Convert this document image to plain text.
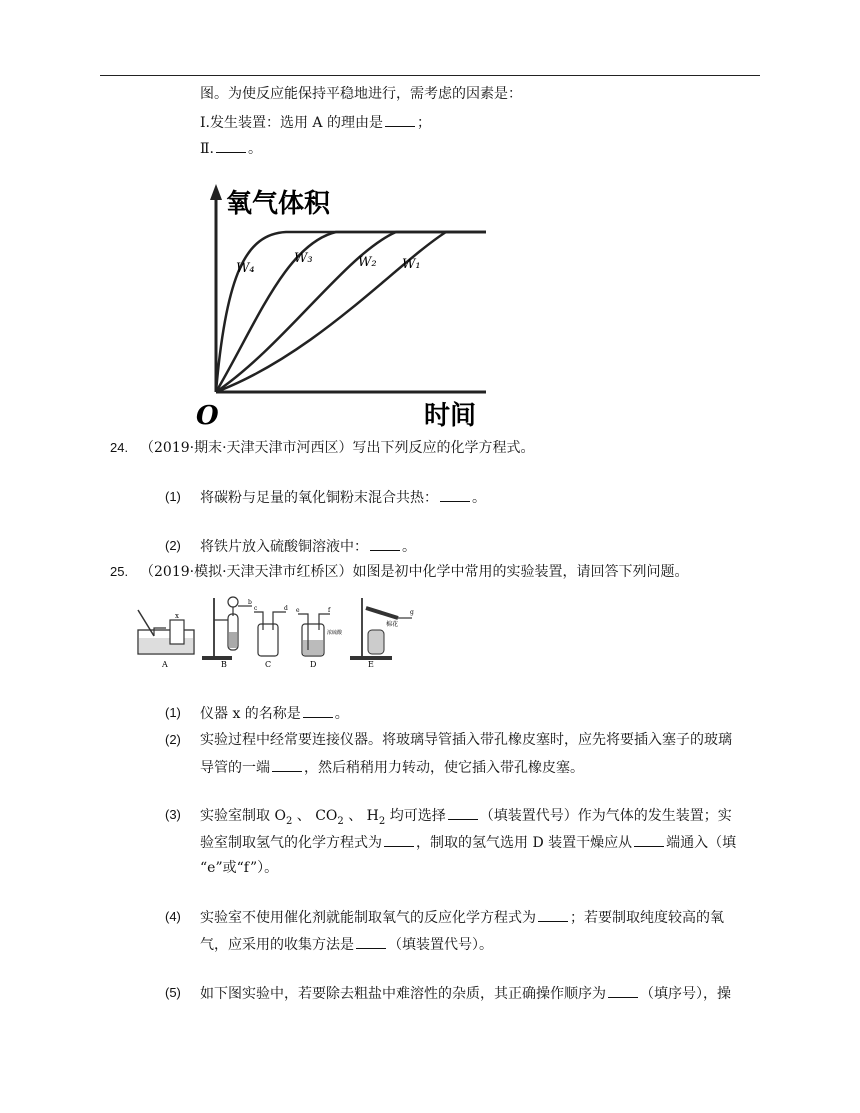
图。为使反应能保持平稳地进行，需考虑的因素是：
Ⅰ.发生装置：选用 A 的理由是 ；
Ⅱ. 。
氧气体积
时间
O
W₄
W₃	W₂ W₁
24. （2019·期末·天津天津市河西区）写出下列反应的化学方程式。
(1) 将碳粉与足量的氧化铜粉末混合共热： 。
(2) 将铁片放入硫酸铜溶液中： 。
25. （2019·模拟·天津天津市红桥区）如图是初中化学中常用的实验装置，请回答下列问题。
x
A
b
B
c	d
C
e	f
浓硫酸
D
g
棉花
E
(1) 仪器 x 的名称是 。
(2) 实验过程中经常要连接仪器。将玻璃导管插入带孔橡皮塞时，应先将要插入塞子的玻璃
导管的一端 ，然后稍稍用力转动，使它插入带孔橡皮塞。
(3) 实验室制取 $O_2$ 、 $CO_2$ 、 $H_2$ 均可选择 （填装置代号）作为气体的发生装置；实
验室制取氢气的化学方程式为 ，制取的氢气选用 D 装置干燥应从 端通入（填
“e”或“f”）。
(4) 实验室不使用催化剂就能制取氧气的反应化学方程式为 ；若要制取纯度较高的氧
气，应采用的收集方法是 （填装置代号）。
(5) 如下图实验中，若要除去粗盐中难溶性的杂质，其正确操作顺序为 （填序号），操
